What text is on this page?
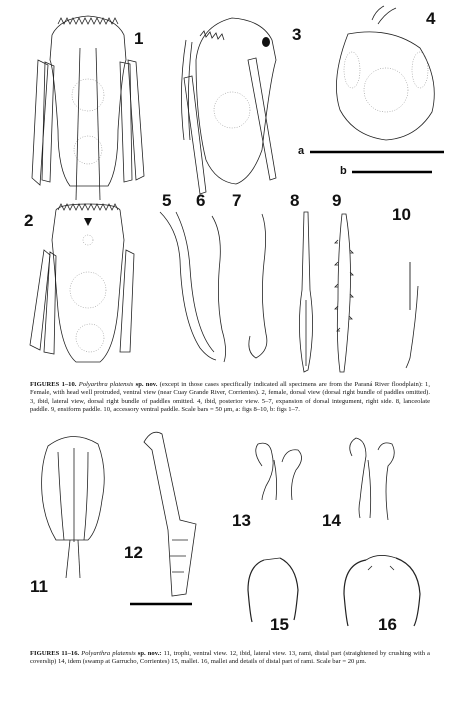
1
2
3
4
5 6 7	8 9
10
a
b
FIGURES 1–10. Polyarthra platensis sp. nov. (except in those cases specifically indicated all specimens are from the Paraná River floodplain): 1, Female, with head well protruded, ventral view (near Cuay Grande River, Corrientes). 2, female, dorsal view (dorsal right bundle of paddles omitted). 3, ibid, lateral view, dorsal right bundle of paddles omitted. 4, ibid, posterior view. 5–7, expansion of dorsal integument, right side. 8, lanceolate paddle. 9, ensiform paddle. 10, accessory ventral paddle. Scale bars = 50 μm, a: figs 8–10, b: figs 1–7.
11
12
13	14
15	16
FIGURES 11–16. Polyarthra platensis sp. nov.: 11, trophi, ventral view. 12, ibid, lateral view. 13, rami, distal part (straightened by crushing with a coverslip) 14, idem (swamp at Garrucho, Corrientes) 15, mallei. 16, mallei and details of distal part of rami. Scale bar = 20 μm.
